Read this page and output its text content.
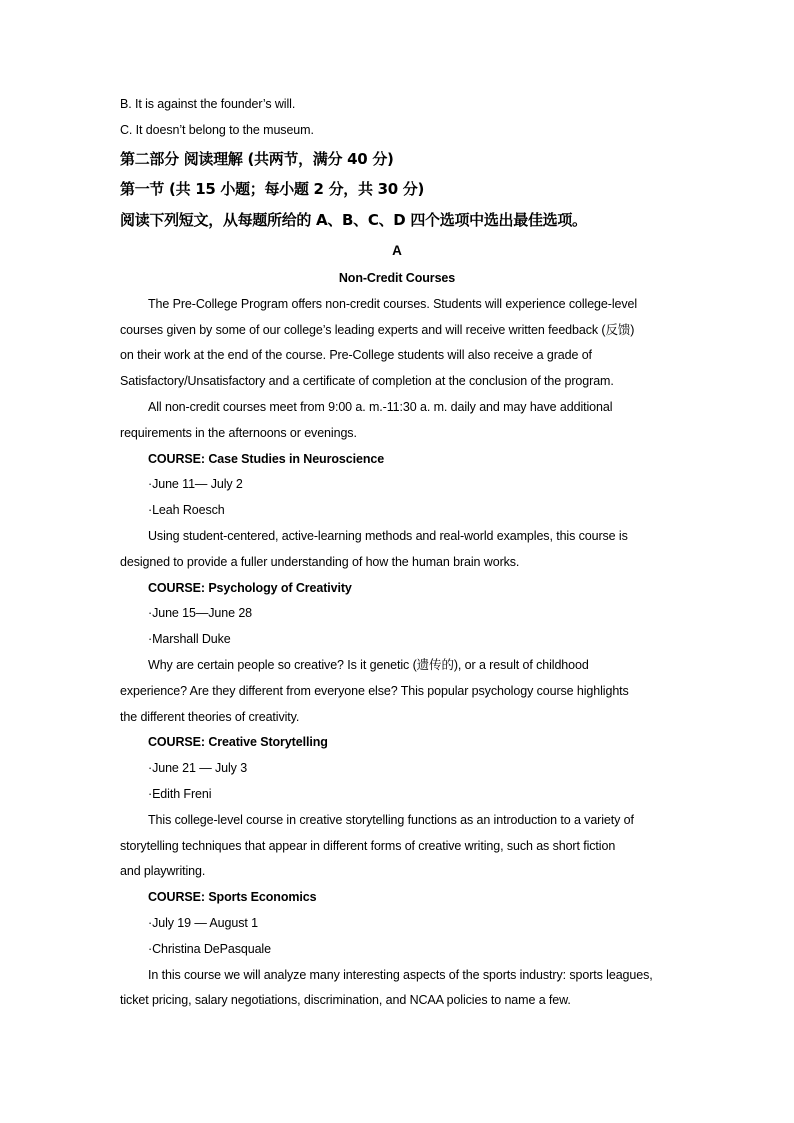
B. It is against the founder’s will.
C. It doesn’t belong to the museum.
第二部分 阅读理解 (共两节，满分 40 分)
第一节 (共 15 小题；每小题 2 分，共 30 分)
阅读下列短文，从每题所给的 A、B、C、D 四个选项中选出最佳选项。
A
Non-Credit Courses
The Pre-College Program offers non-credit courses. Students will experience college-level
courses given by some of our college’s leading experts and will receive written feedback (反馈)
on their work at the end of the course. Pre-College students will also receive a grade of
Satisfactory/Unsatisfactory and a certificate of completion at the conclusion of the program.
All non-credit courses meet from 9:00 a. m.-11:30 a. m. daily and may have additional
requirements in the afternoons or evenings.
COURSE: Case Studies in Neuroscience
·June 11— July 2
·Leah Roesch
Using student-centered, active-learning methods and real-world examples, this course is
designed to provide a fuller understanding of how the human brain works.
COURSE: Psychology of Creativity
·June 15—June 28
·Marshall Duke
Why are certain people so creative? Is it genetic (遗传的), or a result of childhood
experience? Are they different from everyone else? This popular psychology course highlights
the different theories of creativity.
COURSE: Creative Storytelling
·June 21 — July 3
·Edith Freni
This college-level course in creative storytelling functions as an introduction to a variety of
storytelling techniques that appear in different forms of creative writing, such as short fiction
and playwriting.
COURSE: Sports Economics
·July 19 — August 1
·Christina DePasquale
In this course we will analyze many interesting aspects of the sports industry: sports leagues,
ticket pricing, salary negotiations, discrimination, and NCAA policies to name a few.
